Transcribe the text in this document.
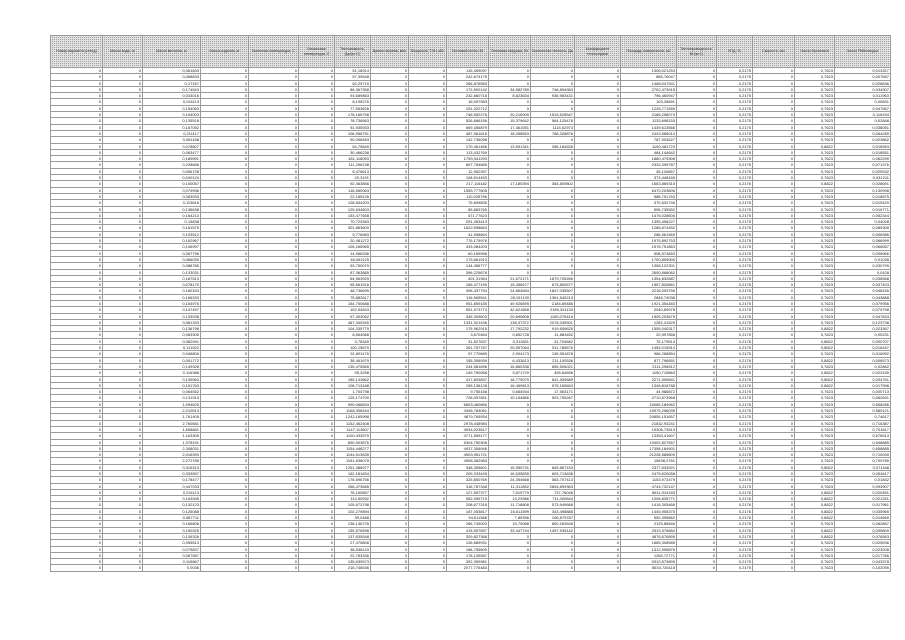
Номер варианта (стенд)	Масса воды, кг	Масса металла, кг	Масса изделия, кг	Конечная температура, С	Начальная температура, С	Теплоемкость, Дж/(кг·С)	Время нагрева, мин	Мощность ТЭН, кВт	Тепловой поток, Вт	Тепловая нагрузка, Вт	Количество теплоты, Дж	Коэффициент теплоотдачи	Площадь поверхности, м2	Теплопроводность, Вт/(м·С)	КПД, %	Скорость, м/с	Число Нуссельта	Число Рейнольдса
0	0	0,061833	0	0	0	51,18914	0	0	115,459097	0	0	0	1306,021253	0	0,2175	0	0,7623	0,013327
0	0	0,068833	0	0	0	57,39548	0	0	242,674175	0	0	0	885,76047	0	0,2175	0	0,7623	0,007657
0	0	0,17157	0	0	0	62,29719	0	0	266,876583	0	0	0	1468,047541	0	0,2175	0	0,7623	0,028836
0	0	0,174543	0	0	0	86,367358	0	0	172,692142	34,582789	748,894963	0	2752,473915	0	0,2175	0	0,7623	0,034307
0	0	0,033016	0	0	0	93,689863	0	0	232,860718	8,823634	936,983431	0	796,460947	0	0,2175	0	0,7623	0,011963
0	0	0,041113	0	0	0	8,195276	0	0	16,097983	0	0	0	103,28691	0	0,2175	0	0,7623	0,00831
0	0	0,154063	0	0	0	77,553626	0	0	151,322712	0	0	0	1226,771559	0	0,2175	0	0,7623	0,047567
0	0	0,154003	0	0	0	178,165798	0	0	746,552276	20,216905	1516,528547	0	2186,258074	0	0,2175	0	0,7623	0,116154
0	0	0,135518	0	0	0	78,736563	0	0	526,686156	15,379642	564,125478	0	1133,698153	0	0,2175	0	0,7623	0,02848
0	0	0,167052	0	0	0	91,935933	0	0	669,356879	17,461551	1115,52973	0	1439,613566	0	0,2175	0	0,7623	0,038051
0	0	0,211117	0	0	0	106,956751	0	0	487,981616	18,058553	768,328876	0	2443,585014	0	0,2175	0	0,7623	0,064289
0	0	0,061158	0	0	0	90,098463	0	0	142,736098	0	0	0	787,903527	0	0,2175	0	0,7623	0,023862
0	0	0,078807	0	0	0	64,79849	0	0	170,461466	13,591341	396,184535	0	1190,481723	0	0,2176	0	0,8822	0,016553
0	0	0,063477	0	0	0	30,466238	0	0	113,432769	0	0	0	484,144642	0	0,2175	0	0,7623	0,018551
0	0	0,189591	0	0	0	181,118053	0	0	1799,341293	0	0	0	1880,479306	0	0,2175	0	0,7623	0,062299
0	0	0,228686	0	0	0	111,296138	0	0	667,784689	0	0	0	2333,395787	0	0,2175	0	0,7623	0,071376
0	0	0,056728	0	0	0	6,476613	0	0	12,962397	0	0	0	45,126857	0	0,2175	0	0,7623	0,025532
0	0	0,040124	0	0	0	20,3191	0	0	108,514493	0	0	0	373,448165	0	0,2175	0	0,7623	0,031211
0	0	0,100057	0	0	0	92,463856	0	0	217,116182	17,180394	364,809802	0	1663,869315	0	0,2176	0	0,8822	0,028691
0	0	0,079936	0	0	0	118,560063	0	0	1555,777605	0	0	0	6470,203606	0	0,2175	0	0,7623	0,130998
0	0	0,063933	0	0	0	22,185126	0	0	110,028796	0	0	0	588,751763	0	0,2175	0	0,7623	0,018875
0	0	0,113616	0	0	0	128,834203	0	0	75,695835	0	0	0	370,632746	0	0,2175	0	0,7623	0,015429
0	0	0,136638	0	0	0	125,634603	0	0	85,883765	0	0	0	595,735552	0	0,2175	0	0,7623	0,016771
0	0	0,164213	0	0	0	153,477658	0	0	571,77623	0	0	0	1476,028606	0	0,2175	0	0,7623	0,052344
0	0	0,15838	0	0	0	70,723383	0	0	291,453413	0	0	0	1395,456227	0	0,2175	0	0,7623	0,04028
0	0	0,161575	0	0	0	301,863609	0	0	1622,598663	0	0	0	1286,674452	0	0,2175	0	0,7623	0,089308
0	0	0,103512	0	0	0	9,776983	0	0	41,598664	0	0	0	286,561569	0	0,2175	0	0,7623	0,006986
0	0	0,162967	0	0	0	20,481272	0	0	776,175976	0	0	0	1975,892753	0	0,2175	0	0,7623	0,066999
0	0	0,106997	0	0	0	105,265965	0	0	433,084203	0	0	0	1578,751863	0	0,2175	0	0,7623	0,066557
0	0	0,067796	0	0	0	14,966336	0	0	60,169996	0	0	0	508,574653	0	0,2175	0	0,7623	0,008966
0	0	0,066039	0	0	0	46,061125	0	0	179,661913	0	0	0	1700,859905	0	0,2175	0	0,7623	0,01038
0	0	0,088785	0	0	0	53,750079	0	0	144,456777	0	0	0	1358,122301	0	0,2175	0	0,7623	0,030799
0	0	0,133031	0	0	0	87,363885	0	0	396,225676	0	0	0	2690,668062	0	0,2175	0	0,7623	0,0428
0	0	0,187513	0	0	0	64,563929	0	0	401,31964	21,672171	1679,705266	0	1354,832687	0	0,2175	0	0,7623	0,038568
0	0	0,078179	0	0	0	55,661516	0	0	165,477199	15,456677	673,800577	0	1557,826861	0	0,2175	0	0,7623	0,037403
0	0	0,160163	0	0	0	48,736695	0	0	395,437754	24,864584	1847,035507	0	2216,093756	0	0,2175	0	0,7623	0,048155
0	0	0,166333	0	0	0	75,882617	0	0	116,565541	28,151139	1361,545213	0	2848,74038	0	0,2175	0	0,7623	0,043888
0	0	0,154976	0	0	0	154,750688	0	0	951,859185	49,926895	2184,89486	0	1921,354483	0	0,2175	0	0,7623	0,079956
0	0	0,147497	0	0	0	152,54643	0	0	551,973774	42,621858	2189,341133	0	2040,69975	0	0,2175	0	0,7623	0,079798
0	0	0,133938	0	0	0	97,303062	0	0	345,309603	20,699808	1165,075416	0	1505,203675	0	0,2175	0	0,7623	0,047833
0	0	0,081333	0	0	0	467,345345	0	0	1331,321436	138,37372	2078,335501	0	1282,41529	0	0,2175	0	0,7623	0,123738
0	0	0,136796	0	0	0	104,335779	0	0	175,962915	17,792232	919,659625	0	1555,040317	0	0,2176	0	0,8822	0,023367
0	0	0,063305	0	0	0	8,564568	0	0	3,670464	0,852728	11,883452	0	20,997856	0	0,2175	0	0,7623	0,00231
0	0	0,082941	0	0	0	3,78349	0	0	31,527637	0,311831	31,704682	0	75,179513	0	0,2176	0	0,8822	0,000707
0	0	0,111522	0	0	0	100,15679	0	0	261,757787	20,557064	511,785676	0	1454,015914	0	0,2175	0	0,8822	0,018167
0	0	0,046806	0	0	0	51,691176	0	0	97,770689	2,904173	139,951878	0	966,268854	0	0,2175	0	0,7623	0,016992
0	0	0,051772	0	0	0	38,461679	0	0	155,306939	6,433613	211,100536	0	877,796891	0	0,2176	0	0,8822	0,006573
0	0	0,149326	0	0	0	135,475565	0	0	244,581696	15,860338	655,506021	0	2111,296512	0	0,2175	0	0,7623	0,02862
0	0	0,116388	0	0	0	95,3298	0	0	149,750058	3,871729	495,64896	0	1150,715863	0	0,2175	0	0,8822	0,023155
0	0	0,139963	0	0	0	185,143662	0	0	417,803837	18,779079	641,939689	0	2271,909841	0	0,2175	0	0,8822	0,034761
0	0	0,151763	0	0	0	108,713188	0	0	265,136128	16,469813	575,165694	0	1346,818788	0	0,2176	0	0,8822	0,017998
0	0	0,064552	0	0	0	1,704798	0	0	9,755168	0,684934	17,563171	0	44,986872	0	0,2175	0	0,7623	0,000713
0	0	0,131913	0	0	0	125,174709	0	0	726,057851	10,154866	503,755267	0	2710,573968	0	0,2175	0	0,7623	0,062691
0	0	1,094625	0	0	0	990,066834	0	0	6603,460866	0	0	0	16065,184962	0	0,2175	0	0,7623	0,658286
0	0	2,210513	0	0	0	1168,308164	0	0	4346,784061	0	0	0	15979,256039	0	0,2175	0	0,7623	0,580121
0	0	1,761405	0	0	0	1242,165998	0	0	4879,765934	0	0	0	20855,151657	0	0,2175	0	0,7623	0,74617
0	0	2,760581	0	0	0	1152,462408	0	0	2978,448984	0	0	0	21832,93241	0	0,2175	0	0,7623	0,716387
0	0	1,698661	0	0	0	1147,113607	0	0	4934,023617	0	0	0	19306,73513	0	0,2175	0	0,7623	0,701617
0	0	1,163305	0	0	0	1100,433579	0	0	4771,559177	0	0	0	13353,41607	0	0,2175	0	0,7623	0,676513
0	0	1,378191	0	0	0	890,903876	0	0	5304,750308	0	0	0	19402,827657	0	0,2175	0	0,7623	0,548885
0	0	2,308031	0	0	0	1154,448277	0	0	4937,306946	0	0	0	17358,184901	0	0,2175	0	0,7623	0,658885
0	0	2,016393	0	0	0	1144,513635	0	0	4903,951721	0	0	0	21228,585609	0	0,2175	0	0,7623	0,710039
0	0	2,272785	0	0	0	1151,838078	0	0	4958,362983	0	0	0	15638,2761	0	0,2175	0	0,7623	0,709785
0	0	0,316313	0	0	0	1251,386977	0	0	348,355601	15,950731	849,867153	0	2377,633921	0	0,2176	0	0,8822	0,071168
0	0	0,333557	0	0	0	162,181834	0	0	209,233449	16,635835	603,713638	0	2475,629058	0	0,2175	0	0,7623	0,054617
0	0	0,178477	0	0	0	176,596756	0	0	325,850769	24,354668	583,707413	0	1153,972479	0	0,2175	0	0,7623	0,01842
0	0	0,447933	0	0	0	266,473585	0	0	316,787348	11,311852	2654,899363	0	4744,732147	0	0,2175	0	0,7623	0,093907
0	0	0,241113	0	0	0	76,160857	0	0	127,557377	7,519779	737,76048	0	6611,914183	0	0,2176	0	0,8822	0,020451
0	0	0,163945	0	0	0	114,50932	0	0	552,055719	14,23986	711,000844	0	1006,835771	0	0,2176	0	0,8822	0,021251
0	0	0,132123	0	0	0	105,673798	0	0	208,677316	11,718808	573,949668	0	1418,305468	0	0,2176	0	0,8822	0,017961
0	0	0,126088	0	0	0	102,279894	0	0	187,053817	16,611599	343,498888	0	1445,908375	0	0,2176	0	0,8822	0,035965
0	0	0,087711	0	0	0	39,0468	0	0	94,611568	7,85396	106,879787	0	550,395862	0	0,2176	0	0,8822	0,014669
0	0	0,166606	0	0	0	138,136725	0	0	286,745002	15,70088	890,263548	0	2125,85848	0	0,2175	0	0,7623	0,062857
0	0	0,150325	0	0	0	155,576598	0	0	415,557657	33,447744	1497,935142	0	2519,375684	0	0,2176	0	0,8822	0,035809
0	0	0,136326	0	0	0	137,635548	0	0	329,827368	0	0	0	4876,676895	0	0,2175	0	0,8822	0,076563
0	0	0,055513	0	0	0	27,475808	0	0	126,689931	0	0	0	1685,308585	0	0,2175	0	0,7623	0,025536
0	0	0,075837	0	0	0	38,536143	0	0	168,755605	0	0	0	1312,996876	0	0,2175	0	0,7623	0,023208
0	0	0,067587	0	0	0	22,783336	0	0	178,135587	0	0	0	1265,72771	0	0,2175	0	0,7623	0,017766
0	0	0,116867	0	0	0	135,639573	0	0	392,359981	0	0	0	5310,579895	0	0,2175	0	0,7623	0,043378
0	0	0,0036	0	0	0	216,746536	0	0	2077,776483	0	0	0	5634,726115	0	0,2175	0	0,7623	0,152095
